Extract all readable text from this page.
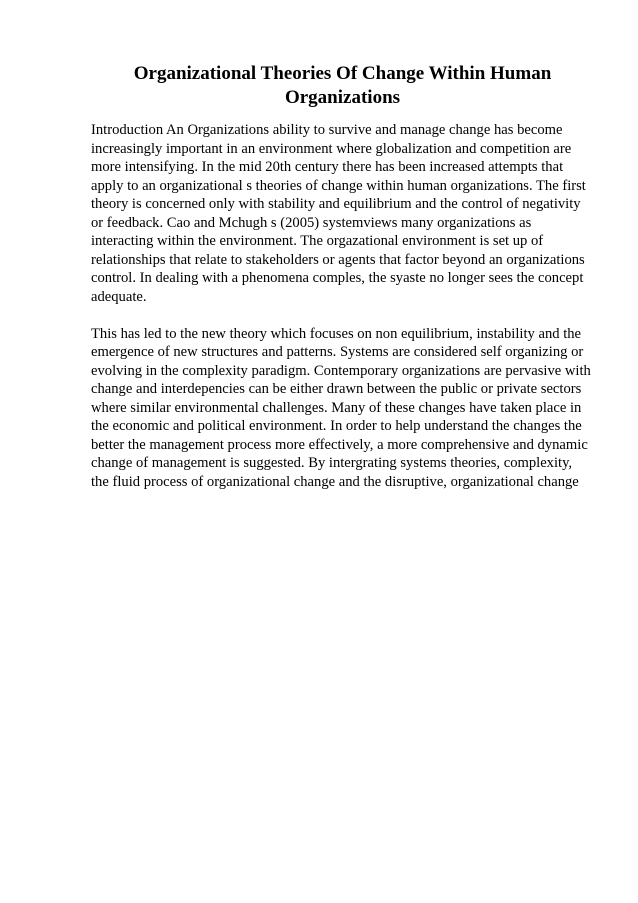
Organizational Theories Of Change Within Human
Organizations

Introduction An Organizations ability to survive and manage change has become
increasingly important in an environment where globalization and competition are
more intensifying. In the mid 20th century there has been increased attempts that
apply to an organizational s theories of change within human organizations. The first
theory is concerned only with stability and equilibrium and the control of negativity
or feedback. Cao and Mchugh s (2005) systemviews many organizations as
interacting within the environment. The orgazational environment is set up of
relationships that relate to stakeholders or agents that factor beyond an organizations
control. In dealing with a phenomena comples, the syaste no longer sees the concept
adequate.

This has led to the new theory which focuses on non equilibrium, instability and the
emergence of new structures and patterns. Systems are considered self organizing or
evolving in the complexity paradigm. Contemporary organizations are pervasive with
change and interdepencies can be either drawn between the public or private sectors
where similar environmental challenges. Many of these changes have taken place in
the economic and political environment. In order to help understand the changes the
better the management process more effectively, a more comprehensive and dynamic
change of management is suggested. By intergrating systems theories, complexity,
the fluid process of organizational change and the disruptive, organizational change
